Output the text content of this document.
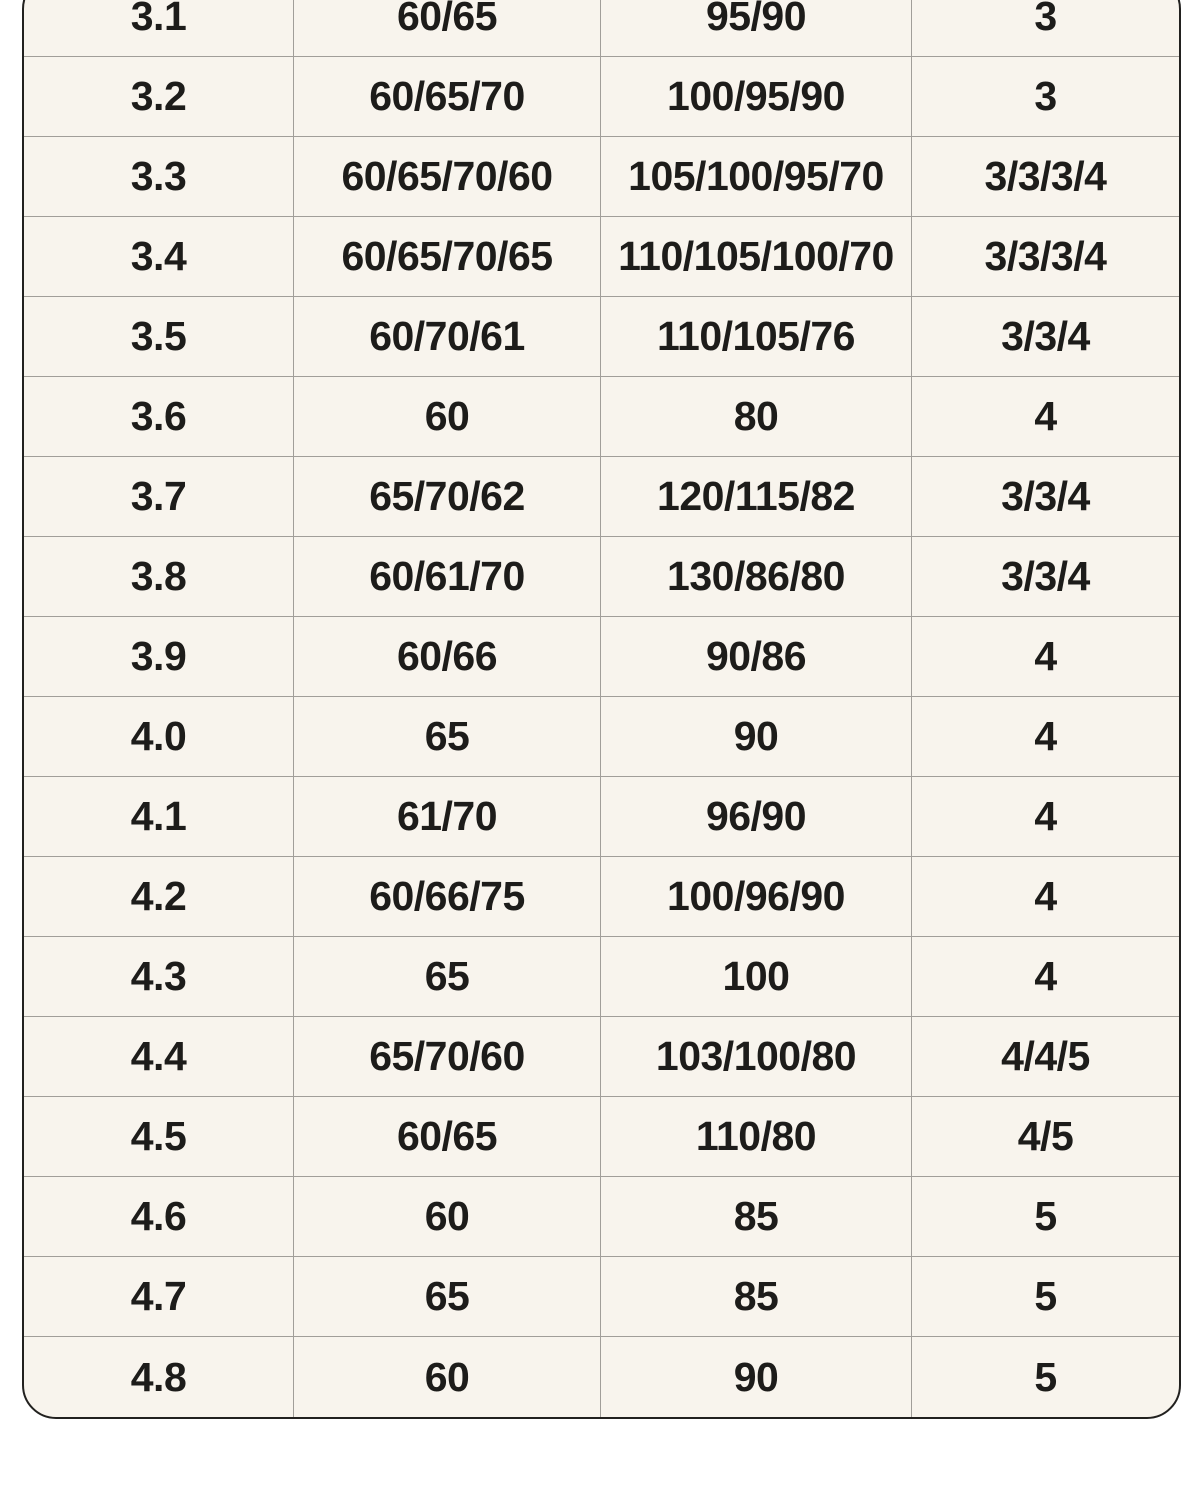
3.1	60/65	95/90	3
3.2	60/65/70	100/95/90	3
3.3	60/65/70/60	105/100/95/70	3/3/3/4
3.4	60/65/70/65	110/105/100/70	3/3/3/4
3.5	60/70/61	110/105/76	3/3/4
3.6	60	80	4
3.7	65/70/62	120/115/82	3/3/4
3.8	60/61/70	130/86/80	3/3/4
3.9	60/66	90/86	4
4.0	65	90	4
4.1	61/70	96/90	4
4.2	60/66/75	100/96/90	4
4.3	65	100	4
4.4	65/70/60	103/100/80	4/4/5
4.5	60/65	110/80	4/5
4.6	60	85	5
4.7	65	85	5
4.8	60	90	5
